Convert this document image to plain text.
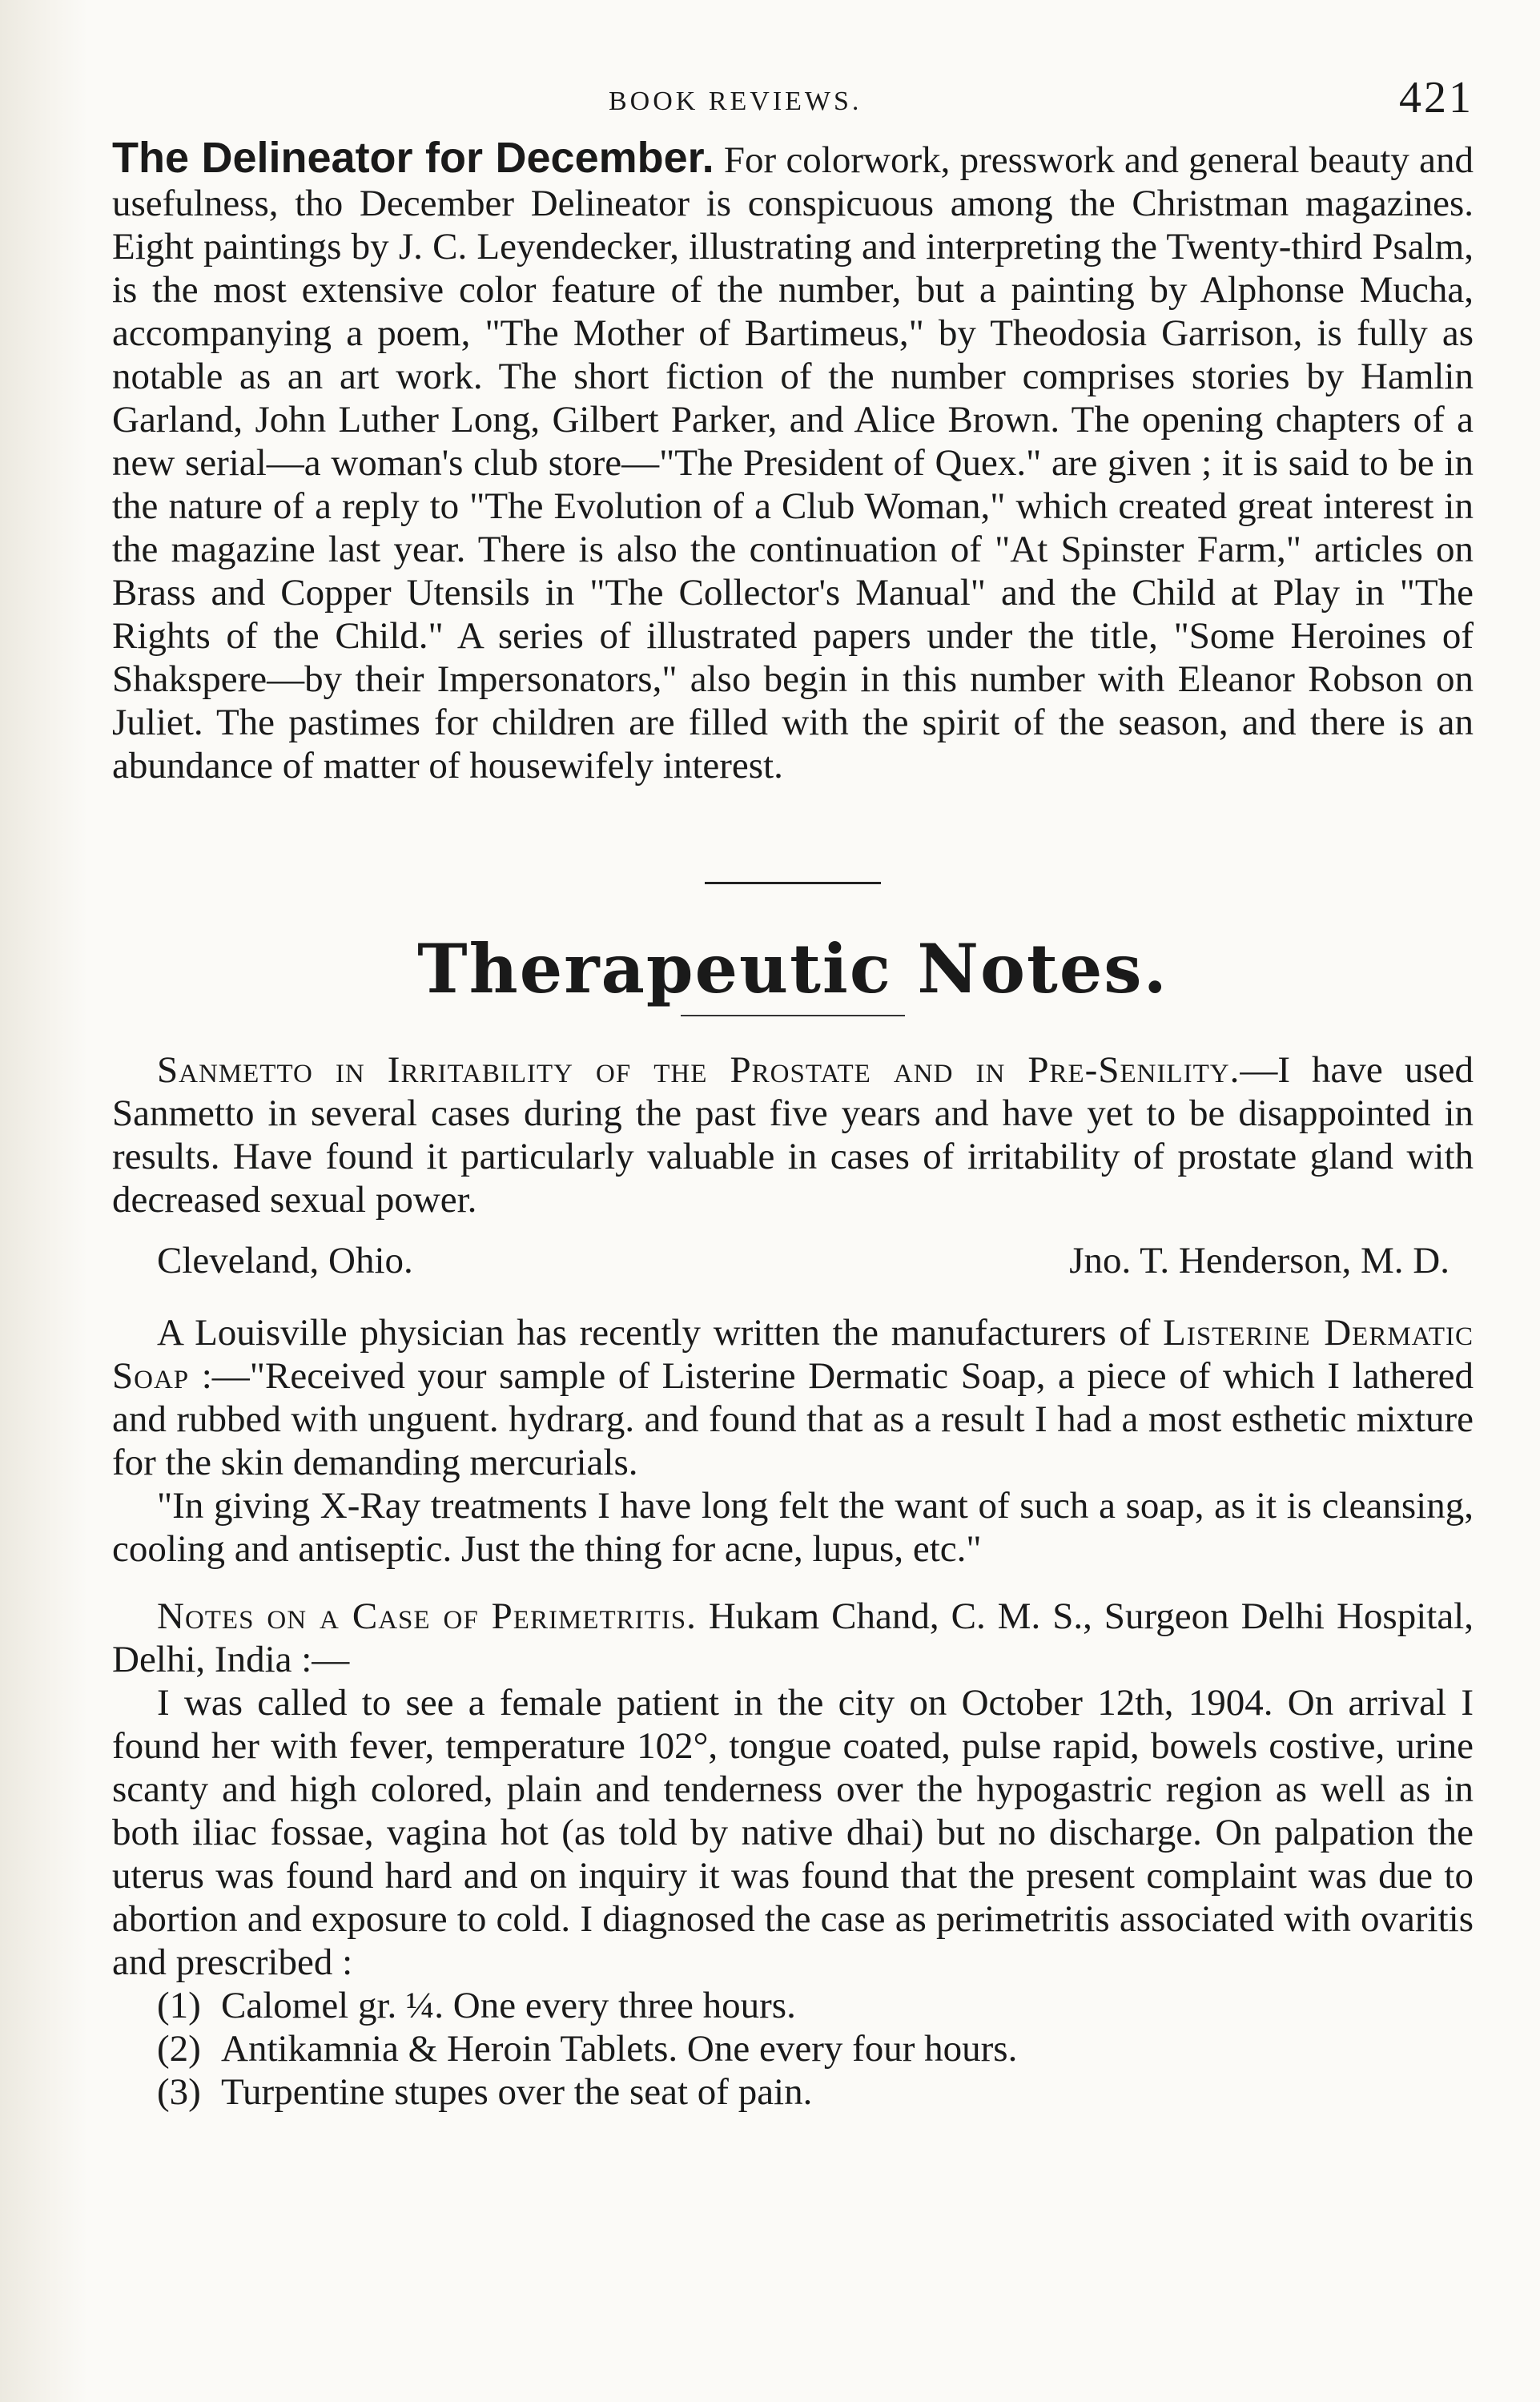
BOOK REVIEWS.	421

The Delineator for December. For colorwork, presswork and general beauty and usefulness, tho December Delineator is conspicuous among the Christman magazines. Eight paintings by J. C. Leyendecker, illustrating and interpreting the Twenty-third Psalm, is the most extensive color feature of the number, but a painting by Alphonse Mucha, accompanying a poem, "The Mother of Bartimeus," by Theodosia Garrison, is fully as notable as an art work. The short fiction of the number comprises stories by Hamlin Garland, John Luther Long, Gilbert Parker, and Alice Brown. The opening chapters of a new serial—a woman's club store—"The President of Quex." are given ; it is said to be in the nature of a reply to "The Evolution of a Club Woman," which created great interest in the magazine last year. There is also the continuation of "At Spinster Farm," articles on Brass and Copper Utensils in "The Collector's Manual" and the Child at Play in "The Rights of the Child." A series of illustrated papers under the title, "Some Heroines of Shakspere—by their Impersonators," also begin in this number with Eleanor Robson on Juliet. The pastimes for children are filled with the spirit of the season, and there is an abundance of matter of housewifely interest.

Therapeutic Notes.

Sanmetto in Irritability of the Prostate and in Pre-Senility.—I have used Sanmetto in several cases during the past five years and have yet to be disappointed in results. Have found it particularly valuable in cases of irritability of prostate gland with decreased sexual power.

Cleveland, Ohio.	Jno. T. Henderson, M. D.

A Louisville physician has recently written the manufacturers of Listerine Dermatic Soap :—"Received your sample of Listerine Dermatic Soap, a piece of which I lathered and rubbed with unguent. hydrarg. and found that as a result I had a most esthetic mixture for the skin demanding mercurials.

"In giving X-Ray treatments I have long felt the want of such a soap, as it is cleansing, cooling and antiseptic. Just the thing for acne, lupus, etc."

Notes on a Case of Perimetritis. Hukam Chand, C. M. S., Surgeon Delhi Hospital, Delhi, India :—

I was called to see a female patient in the city on October 12th, 1904. On arrival I found her with fever, temperature 102°, tongue coated, pulse rapid, bowels costive, urine scanty and high colored, plain and tenderness over the hypogastric region as well as in both iliac fossae, vagina hot (as told by native dhai) but no discharge. On palpation the uterus was found hard and on inquiry it was found that the present complaint was due to abortion and exposure to cold. I diagnosed the case as perimetritis associated with ovaritis and prescribed :

(1) Calomel gr. ¼. One every three hours.
(2) Antikamnia & Heroin Tablets. One every four hours.
(3) Turpentine stupes over the seat of pain.
